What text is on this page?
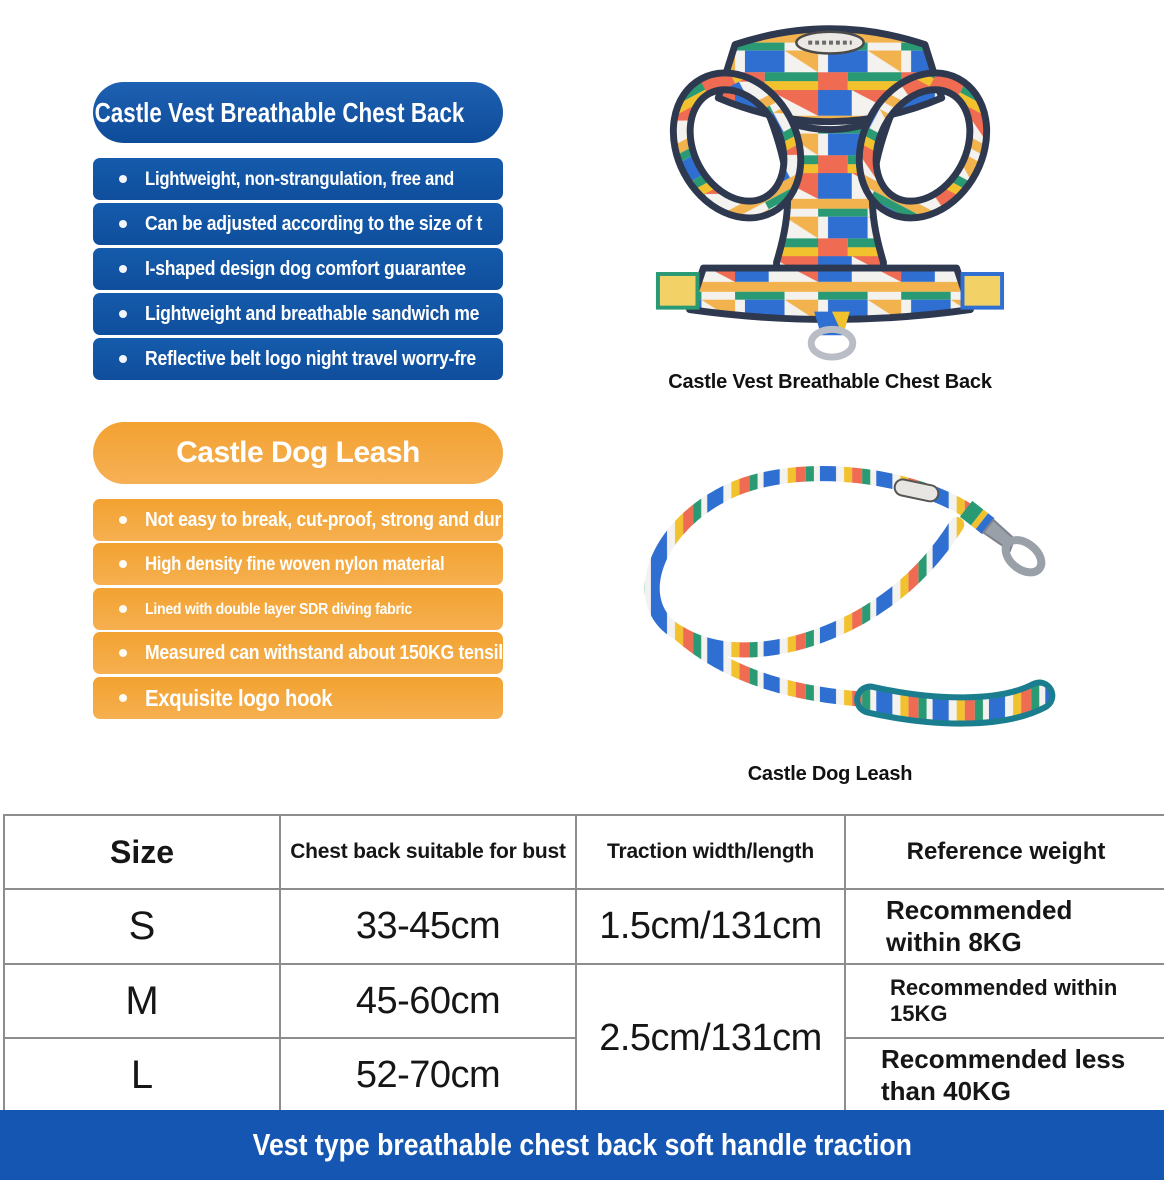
Castle Vest Breathable Chest Back
Lightweight, non-strangulation, free and
Can be adjusted according to the size of t
I-shaped design dog comfort guarantee
Lightweight and breathable sandwich me
Reflective belt logo night travel worry-fre
Castle Dog Leash
Not easy to break, cut-proof, strong and dur
High density fine woven nylon material
Lined with double layer SDR diving fabric
Measured can withstand about 150KG tensil
Exquisite logo hook
Castle Vest Breathable Chest Back
Castle Dog Leash
Size	Chest back suitable for bust	Traction width/length	Reference weight
S	33-45cm	1.5cm/131cm	Recommended within 8KG

M	45-60cm	2.5cm/131cm	Recommended within 15KG

L	52-70cm		Recommended less than 40KG
Vest type breathable chest back soft handle traction
